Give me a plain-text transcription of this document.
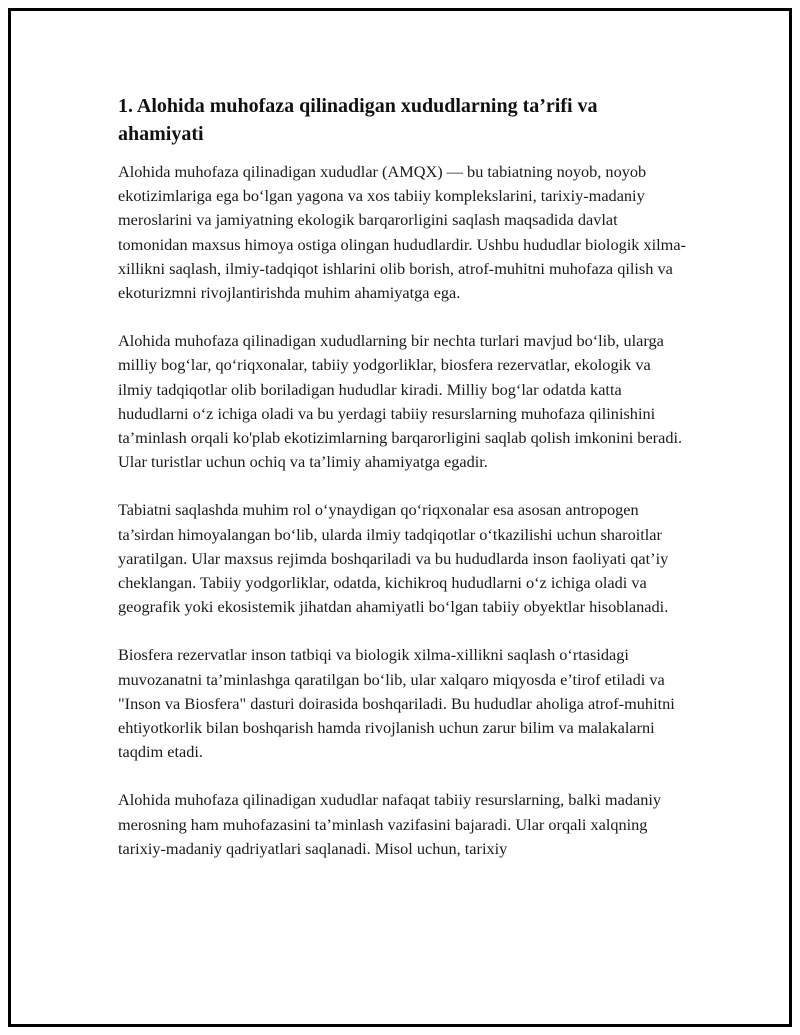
1. Alohida muhofaza qilinadigan xududlarning ta’rifi va ahamiyati

Alohida muhofaza qilinadigan xududlar (AMQX) — bu tabiatning noyob, noyob ekotizimlariga ega bo‘lgan yagona va xos tabiiy komplekslarini, tarixiy-madaniy meroslarini va jamiyatning ekologik barqarorligini saqlash maqsadida davlat tomonidan maxsus himoya ostiga olingan hududlardir. Ushbu hududlar biologik xilma-xillikni saqlash, ilmiy-tadqiqot ishlarini olib borish, atrof-muhitni muhofaza qilish va ekoturizmni rivojlantirishda muhim ahamiyatga ega.

Alohida muhofaza qilinadigan xududlarning bir nechta turlari mavjud bo‘lib, ularga milliy bog‘lar, qo‘riqxonalar, tabiiy yodgorliklar, biosfera rezervatlar, ekologik va ilmiy tadqiqotlar olib boriladigan hududlar kiradi. Milliy bog‘lar odatda katta hududlarni o‘z ichiga oladi va bu yerdagi tabiiy resurslarning muhofaza qilinishini ta’minlash orqali ko'plab ekotizimlarning barqarorligini saqlab qolish imkonini beradi. Ular turistlar uchun ochiq va ta’limiy ahamiyatga egadir.

Tabiatni saqlashda muhim rol o‘ynaydigan qo‘riqxonalar esa asosan antropogen ta’sirdan himoyalangan bo‘lib, ularda ilmiy tadqiqotlar o‘tkazilishi uchun sharoitlar yaratilgan. Ular maxsus rejimda boshqariladi va bu hududlarda inson faoliyati qat’iy cheklangan. Tabiiy yodgorliklar, odatda, kichikroq hududlarni o‘z ichiga oladi va geografik yoki ekosistemik jihatdan ahamiyatli bo‘lgan tabiiy obyektlar hisoblanadi.

Biosfera rezervatlar inson tatbiqi va biologik xilma-xillikni saqlash o‘rtasidagi muvozanatni ta’minlashga qaratilgan bo‘lib, ular xalqaro miqyosda e’tirof etiladi va "Inson va Biosfera" dasturi doirasida boshqariladi. Bu hududlar aholiga atrof-muhitni ehtiyotkorlik bilan boshqarish hamda rivojlanish uchun zarur bilim va malakalarni taqdim etadi.

Alohida muhofaza qilinadigan xududlar nafaqat tabiiy resurslarning, balki madaniy merosning ham muhofazasini ta’minlash vazifasini bajaradi. Ular orqali xalqning tarixiy-madaniy qadriyatlari saqlanadi. Misol uchun, tarixiy
